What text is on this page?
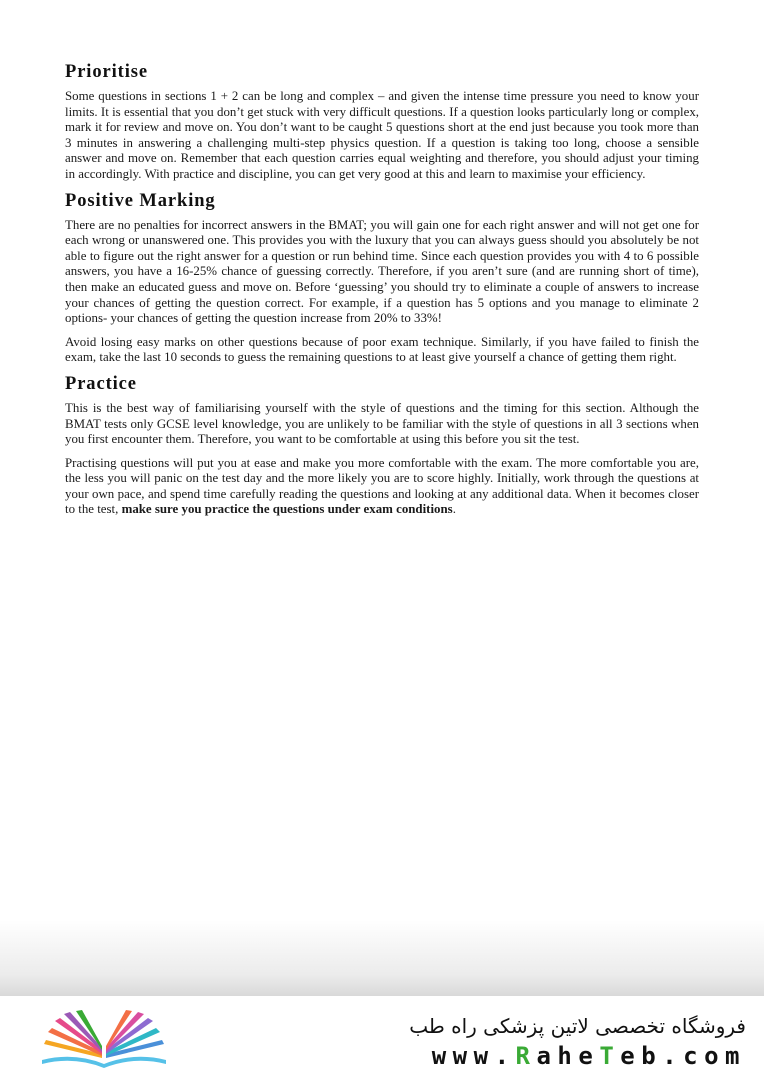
Prioritise

Some questions in sections 1 + 2 can be long and complex – and given the intense time pressure you need to know your limits. It is essential that you don’t get stuck with very difficult questions. If a question looks particularly long or complex, mark it for review and move on. You don’t want to be caught 5 questions short at the end just because you took more than 3 minutes in answering a challenging multi-step physics question. If a question is taking too long, choose a sensible answer and move on. Remember that each question carries equal weighting and therefore, you should adjust your timing in accordingly. With practice and discipline, you can get very good at this and learn to maximise your efficiency.

Positive Marking

There are no penalties for incorrect answers in the BMAT; you will gain one for each right answer and will not get one for each wrong or unanswered one. This provides you with the luxury that you can always guess should you absolutely be not able to figure out the right answer for a question or run behind time. Since each question provides you with 4 to 6 possible answers, you have a 16-25% chance of guessing correctly. Therefore, if you aren’t sure (and are running short of time), then make an educated guess and move on. Before ‘guessing’ you should try to eliminate a couple of answers to increase your chances of getting the question correct. For example, if a question has 5 options and you manage to eliminate 2 options- your chances of getting the question increase from 20% to 33%!

Avoid losing easy marks on other questions because of poor exam technique. Similarly, if you have failed to finish the exam, take the last 10 seconds to guess the remaining questions to at least give yourself a chance of getting them right.

Practice

This is the best way of familiarising yourself with the style of questions and the timing for this section. Although the BMAT tests only GCSE level knowledge, you are unlikely to be familiar with the style of questions in all 3 sections when you first encounter them. Therefore, you want to be comfortable at using this before you sit the test.

Practising questions will put you at ease and make you more comfortable with the exam. The more comfortable you are, the less you will panic on the test day and the more likely you are to score highly. Initially, work through the questions at your own pace, and spend time carefully reading the questions and looking at any additional data. When it becomes closer to the test, make sure you practice the questions under exam conditions.

فروشگاه تخصصی لاتین پزشکی راه طب
www.RaheTeb.com
